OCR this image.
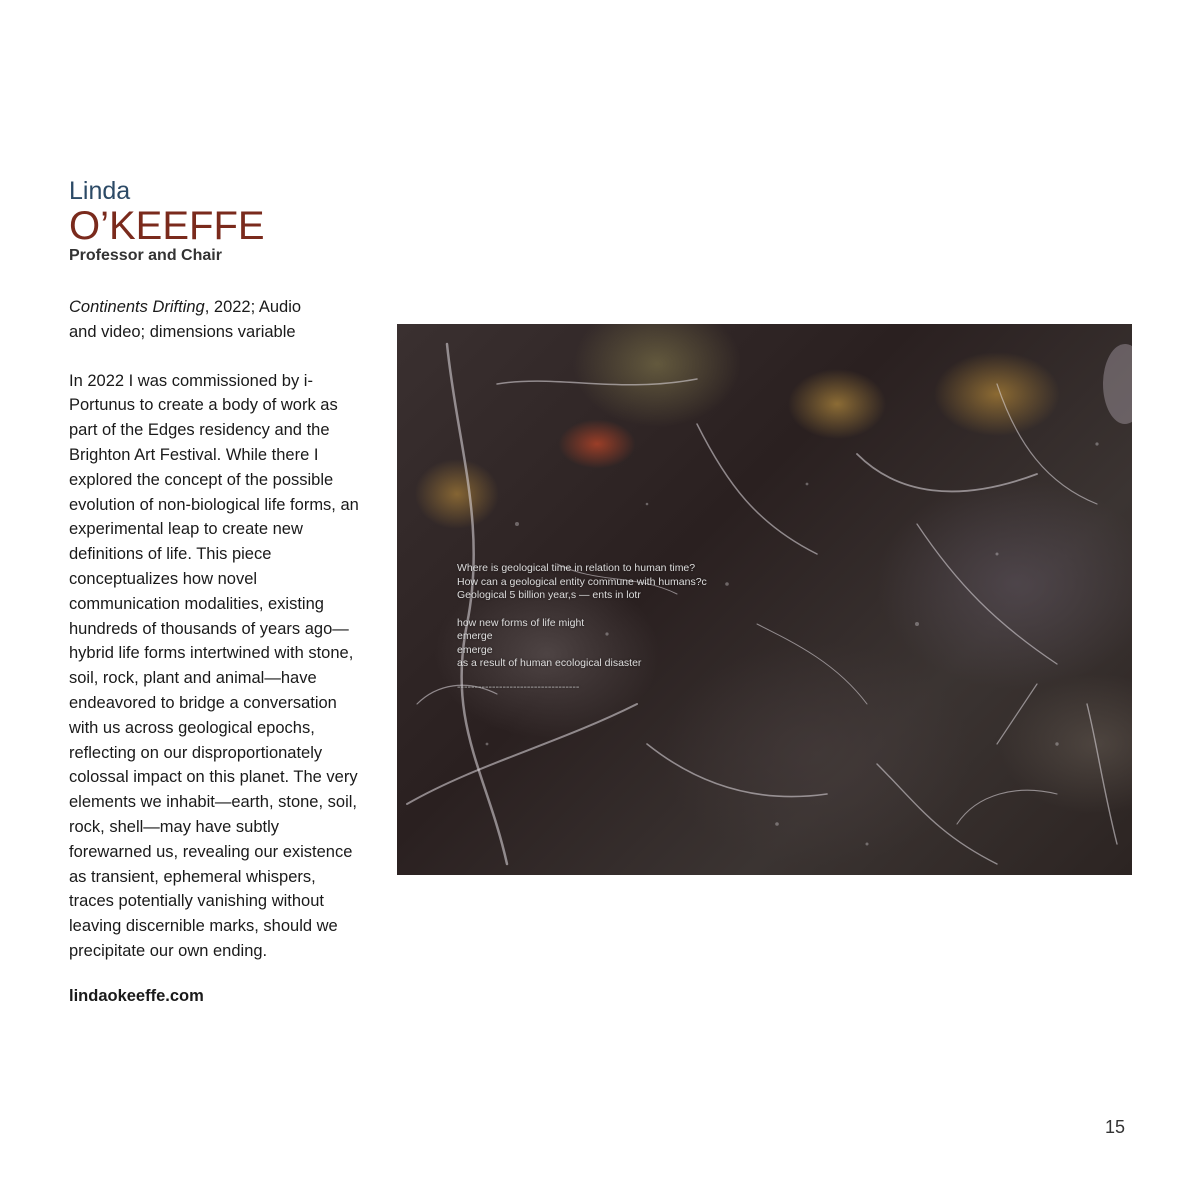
Linda
O’KEEFFE
Professor and Chair
Continents Drifting, 2022; Audio
and video; dimensions variable
In 2022 I was commissioned by i-Portunus to create a body of work as part of the Edges residency and the Brighton Art Festival. While there I explored the concept of the possible evolution of non-biological life forms, an experimental leap to create new definitions of life. This piece conceptualizes how novel communication modalities, existing hundreds of thousands of years ago—hybrid life forms intertwined with stone, soil, rock, plant and animal—have endeavored to bridge a conversation with us across geological epochs, reflecting on our disproportionately colossal impact on this planet. The very elements we inhabit—earth, stone, soil, rock, shell—may have subtly forewarned us, revealing our existence as transient, ephemeral whispers, traces potentially vanishing without leaving discernible marks, should we precipitate our own ending.
lindaokeeffe.com
Where is geological time in relation to human time?
How can a geological entity commune with humans?c
Geological 5 billion year,s — ents in lotr
how new forms of life might
emerge
emerge
as a result of human ecological disaster
-----------------------------------
15
